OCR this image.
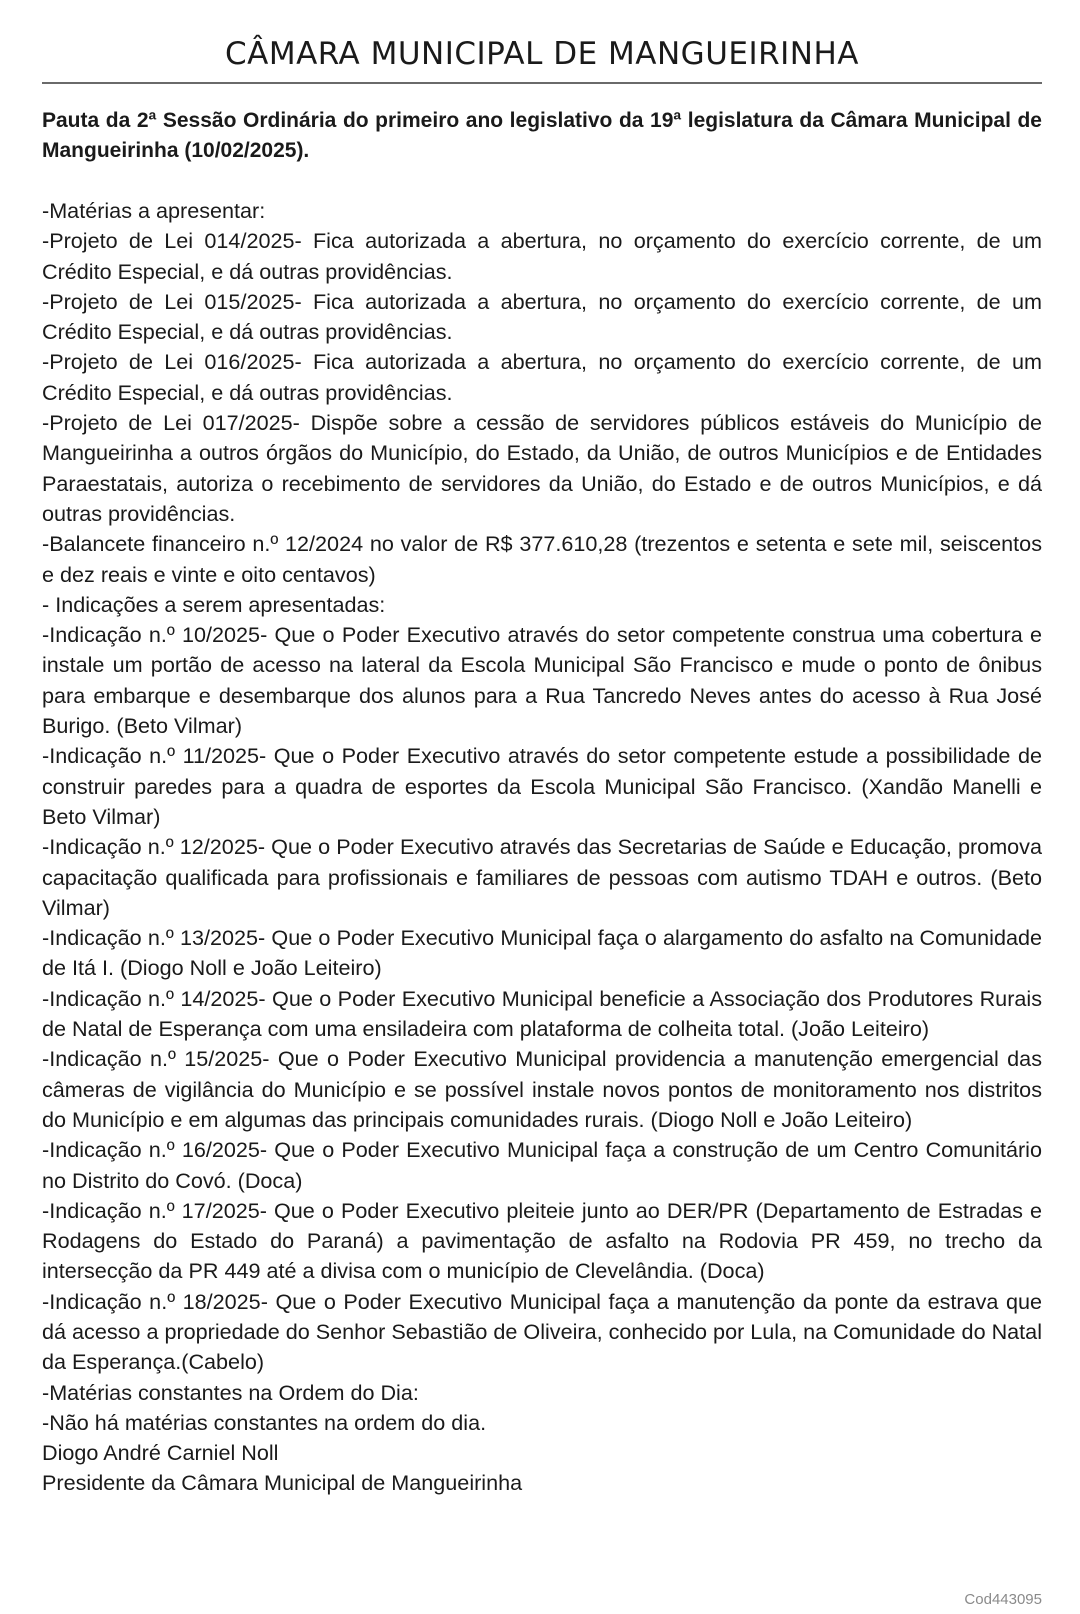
CÂMARA MUNICIPAL DE MANGUEIRINHA

Pauta da 2ª Sessão Ordinária do primeiro ano legislativo da 19ª legislatura da Câmara Municipal de Mangueirinha (10/02/2025).

-Matérias a apresentar:

-Projeto de Lei 014/2025- Fica autorizada a abertura, no orçamento do exercício corrente, de um Crédito Especial, e dá outras providências.

-Projeto de Lei 015/2025- Fica autorizada a abertura, no orçamento do exercício corrente, de um Crédito Especial, e dá outras providências.

-Projeto de Lei 016/2025- Fica autorizada a abertura, no orçamento do exercício corrente, de um Crédito Especial, e dá outras providências.

-Projeto de Lei 017/2025- Dispõe sobre a cessão de servidores públicos estáveis do Município de Mangueirinha a outros órgãos do Município, do Estado, da União, de outros Municípios e de Entidades Paraestatais, autoriza o recebimento de servidores da União, do Estado e de outros Municípios, e dá outras providências.

-Balancete financeiro n.º 12/2024 no valor de R$ 377.610,28 (trezentos e setenta e sete mil, seiscentos e dez reais e vinte e oito centavos)

- Indicações a serem apresentadas:

-Indicação n.º 10/2025- Que o Poder Executivo através do setor competente construa uma cobertura e instale um portão de acesso na lateral da Escola Municipal São Francisco e mude o ponto de ônibus para embarque e desembarque dos alunos para a Rua Tancredo Neves antes do acesso à Rua José Burigo. (Beto Vilmar)

-Indicação n.º 11/2025- Que o Poder Executivo através do setor competente estude a possibilidade de construir paredes para a quadra de esportes da Escola Municipal São Francisco. (Xandão Manelli e Beto Vilmar)

-Indicação n.º 12/2025- Que o Poder Executivo através das Secretarias de Saúde e Educação, promova capacitação qualificada para profissionais e familiares de pessoas com autismo TDAH e outros. (Beto Vilmar)

-Indicação n.º 13/2025- Que o Poder Executivo Municipal faça o alargamento do asfalto na Comunidade de Itá I. (Diogo Noll e João Leiteiro)

-Indicação n.º 14/2025- Que o Poder Executivo Municipal beneficie a Associação dos Produtores Rurais de Natal de Esperança com uma ensiladeira com plataforma de colheita total. (João Leiteiro)

-Indicação n.º 15/2025- Que o Poder Executivo Municipal providencia a manutenção emergencial das câmeras de vigilância do Município e se possível instale novos pontos de monitoramento nos distritos do Município e em algumas das principais comunidades rurais. (Diogo Noll e João Leiteiro)

-Indicação n.º 16/2025- Que o Poder Executivo Municipal faça a construção de um Centro Comunitário no Distrito do Covó. (Doca)

-Indicação n.º 17/2025- Que o Poder Executivo pleiteie junto ao DER/PR (Departamento de Estradas e Rodagens do Estado do Paraná) a pavimentação de asfalto na Rodovia PR 459, no trecho da intersecção da PR 449 até a divisa com o município de Clevelândia. (Doca)

-Indicação n.º 18/2025- Que o Poder Executivo Municipal faça a manutenção da ponte da estrava que dá acesso a propriedade do Senhor Sebastião de Oliveira, conhecido por Lula, na Comunidade do Natal da Esperança.(Cabelo)

-Matérias constantes na Ordem do Dia:

-Não há matérias constantes na ordem do dia.

Diogo André Carniel Noll

Presidente da Câmara Municipal de Mangueirinha

Cod443095
